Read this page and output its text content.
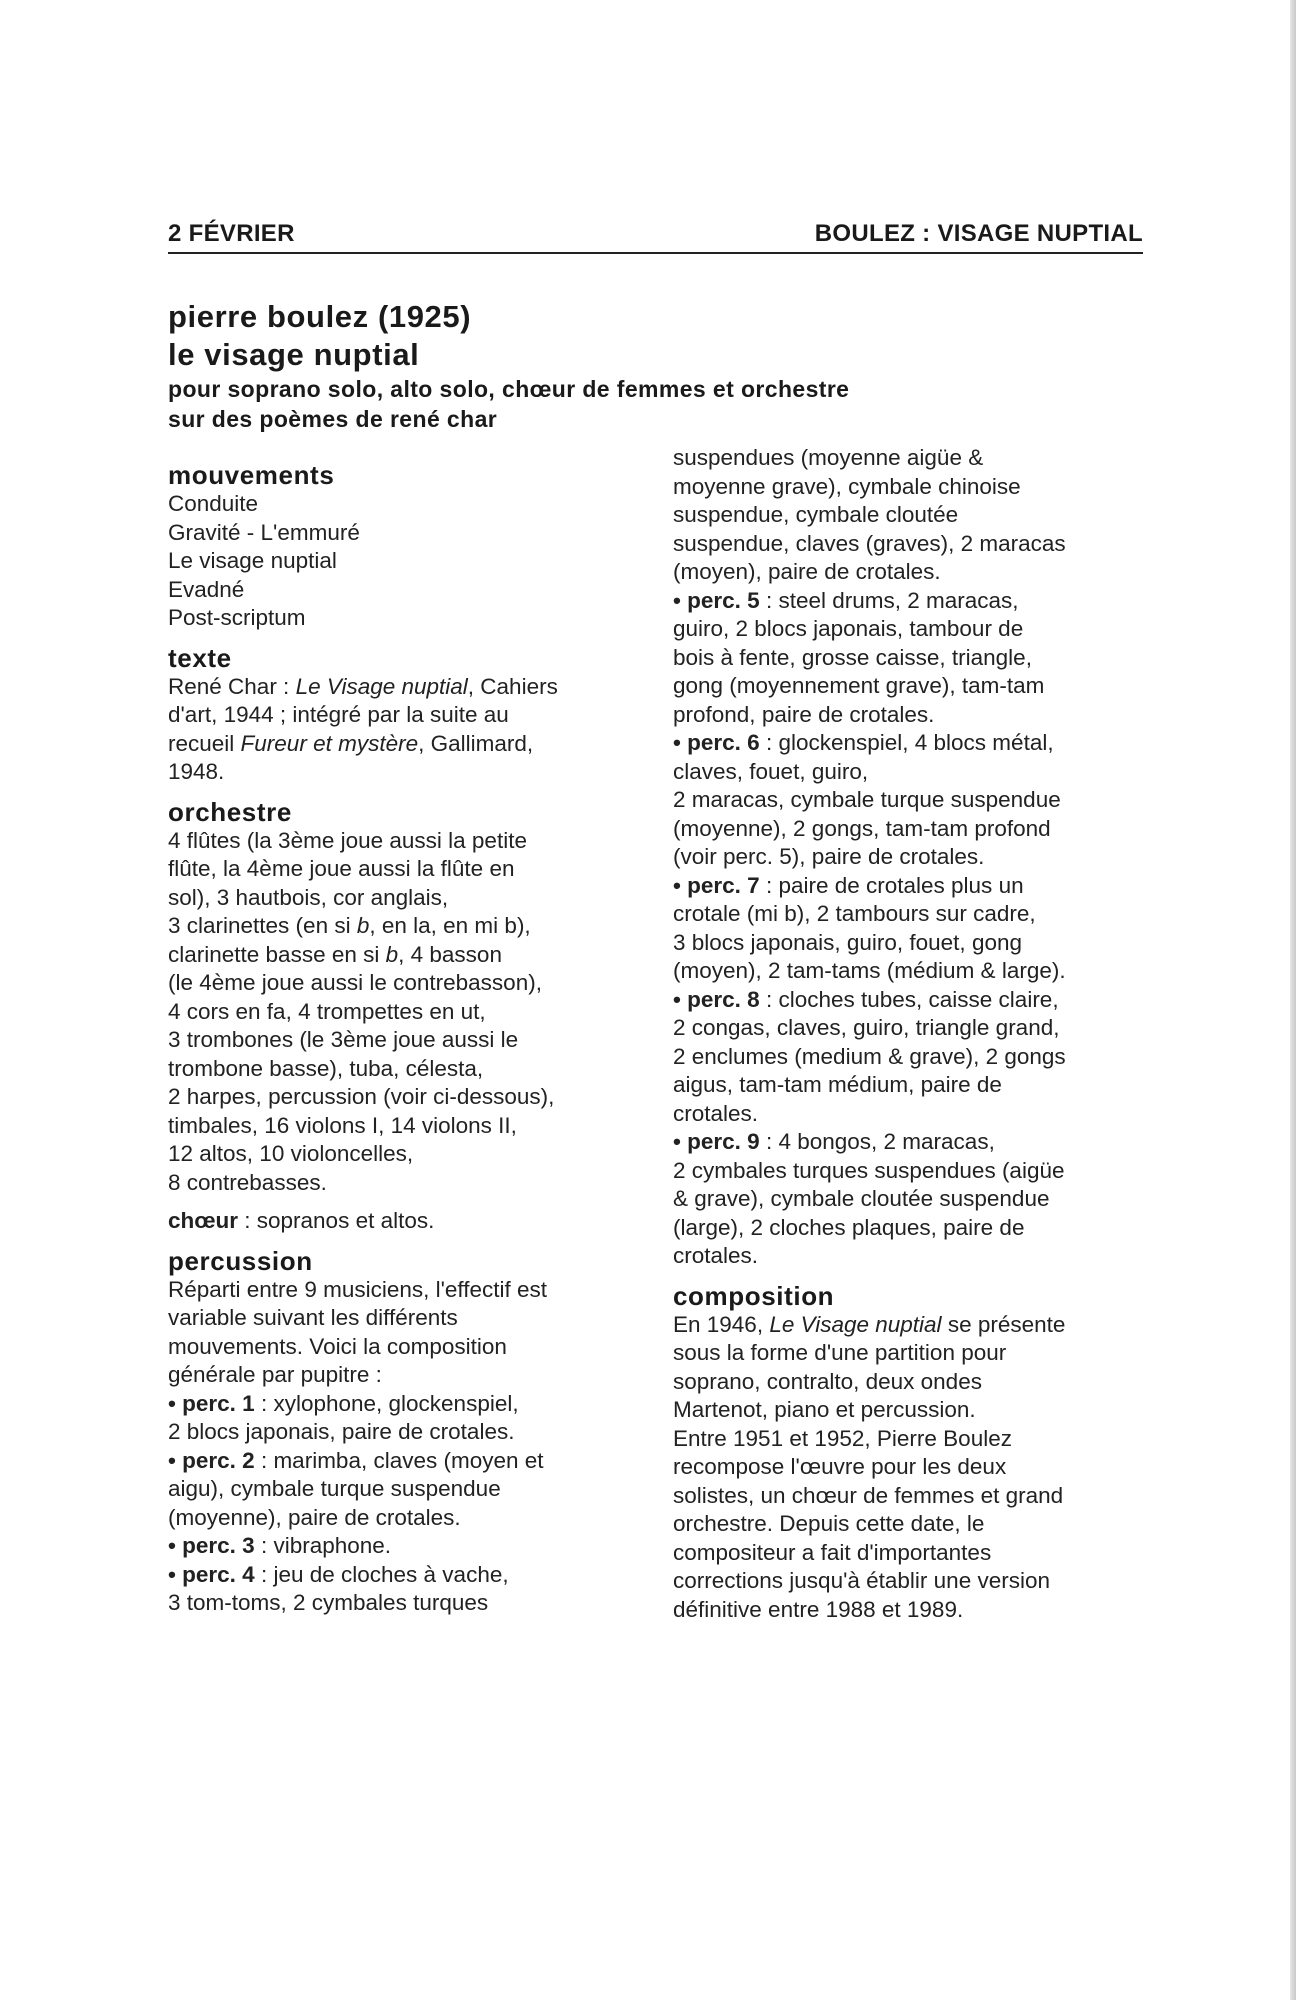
2 FÉVRIER	BOULEZ : VISAGE NUPTIAL
pierre boulez (1925)
le visage nuptial
pour soprano solo, alto solo, chœur de femmes et orchestre
sur des poèmes de rené char
mouvements
Conduite
Gravité - L'emmuré
Le visage nuptial
Evadné
Post-scriptum
texte
René Char : Le Visage nuptial, Cahiers
d'art, 1944 ; intégré par la suite au
recueil Fureur et mystère, Gallimard,
1948.
orchestre
4 flûtes (la 3ème joue aussi la petite
flûte, la 4ème joue aussi la flûte en
sol), 3 hautbois, cor anglais,
3 clarinettes (en si b, en la, en mi b),
clarinette basse en si b, 4 basson
(le 4ème joue aussi le contrebasson),
4 cors en fa, 4 trompettes en ut,
3 trombones (le 3ème joue aussi le
trombone basse), tuba, célesta,
2 harpes, percussion (voir ci-dessous),
timbales, 16 violons I, 14 violons II,
12 altos, 10 violoncelles,
8 contrebasses.
chœur : sopranos et altos.
percussion
Réparti entre 9 musiciens, l'effectif est
variable suivant les différents
mouvements. Voici la composition
générale par pupitre :
• perc. 1 : xylophone, glockenspiel,
2 blocs japonais, paire de crotales.
• perc. 2 : marimba, claves (moyen et
aigu), cymbale turque suspendue
(moyenne), paire de crotales.
• perc. 3 : vibraphone.
• perc. 4 : jeu de cloches à vache,
3 tom-toms, 2 cymbales turques
suspendues (moyenne aigüe &
moyenne grave), cymbale chinoise
suspendue, cymbale cloutée
suspendue, claves (graves), 2 maracas
(moyen), paire de crotales.
• perc. 5 : steel drums, 2 maracas,
guiro, 2 blocs japonais, tambour de
bois à fente, grosse caisse, triangle,
gong (moyennement grave), tam-tam
profond, paire de crotales.
• perc. 6 : glockenspiel, 4 blocs métal,
claves, fouet, guiro,
2 maracas, cymbale turque suspendue
(moyenne), 2 gongs, tam-tam profond
(voir perc. 5), paire de crotales.
• perc. 7 : paire de crotales plus un
crotale (mi b), 2 tambours sur cadre,
3 blocs japonais, guiro, fouet, gong
(moyen), 2 tam-tams (médium & large).
• perc. 8 : cloches tubes, caisse claire,
2 congas, claves, guiro, triangle grand,
2 enclumes (medium & grave), 2 gongs
aigus, tam-tam médium, paire de
crotales.
• perc. 9 : 4 bongos, 2 maracas,
2 cymbales turques suspendues (aigüe
& grave), cymbale cloutée suspendue
(large), 2 cloches plaques, paire de
crotales.
composition
En 1946, Le Visage nuptial se présente
sous la forme d'une partition pour
soprano, contralto, deux ondes
Martenot, piano et percussion.
Entre 1951 et 1952, Pierre Boulez
recompose l'œuvre pour les deux
solistes, un chœur de femmes et grand
orchestre. Depuis cette date, le
compositeur a fait d'importantes
corrections jusqu'à établir une version
définitive entre 1988 et 1989.
